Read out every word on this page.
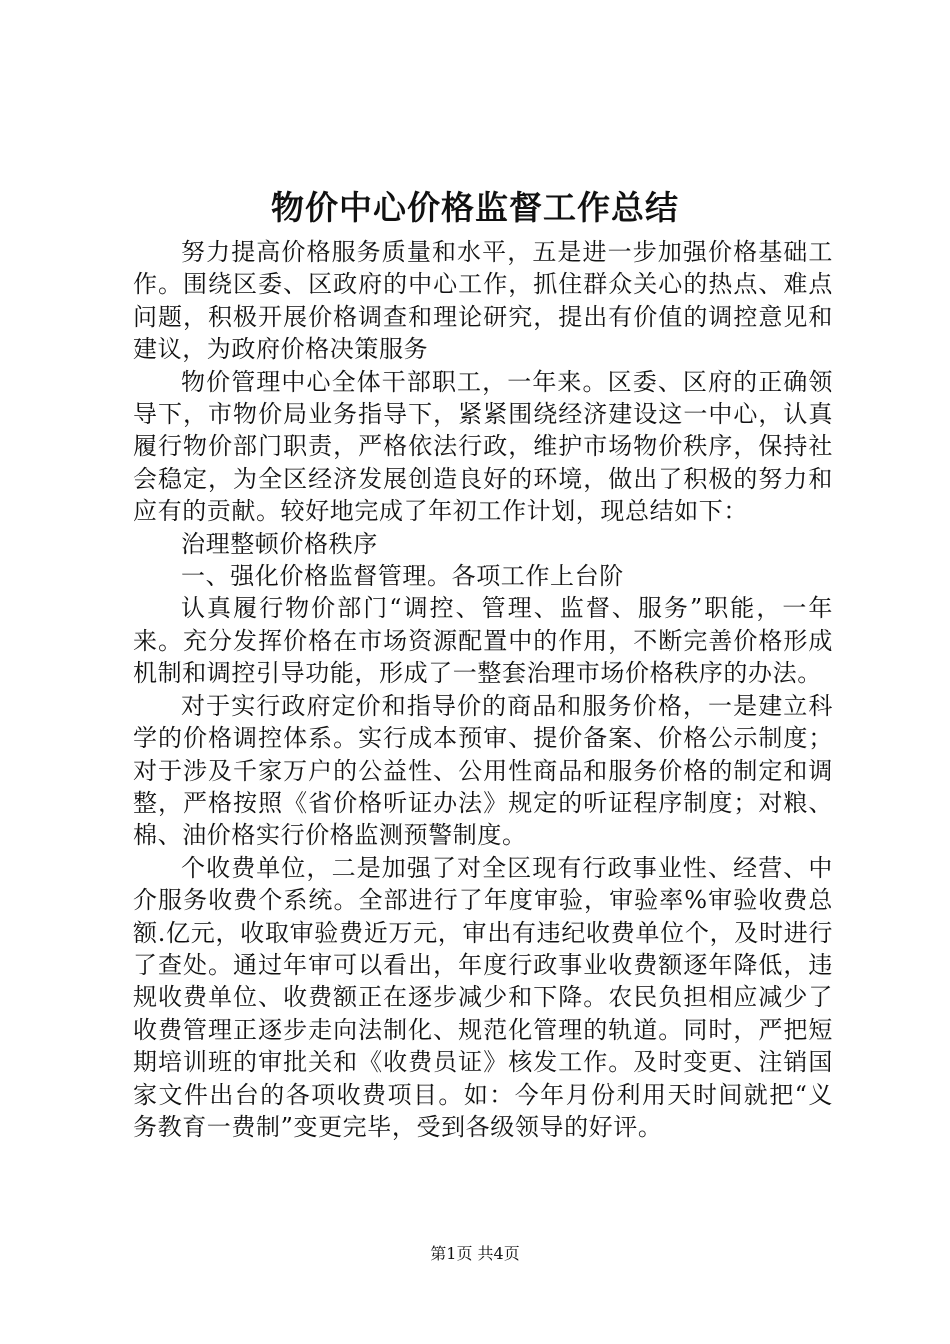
物价中心价格监督工作总结

努力提高价格服务质量和水平，五是进一步加强价格基础工作。围绕区委、区政府的中心工作，抓住群众关心的热点、难点问题，积极开展价格调查和理论研究，提出有价值的调控意见和建议，为政府价格决策服务

物价管理中心全体干部职工，一年来。区委、区府的正确领导下，市物价局业务指导下，紧紧围绕经济建设这一中心，认真履行物价部门职责，严格依法行政，维护市场物价秩序，保持社会稳定，为全区经济发展创造良好的环境，做出了积极的努力和应有的贡献。较好地完成了年初工作计划，现总结如下：

治理整顿价格秩序

一、强化价格监督管理。各项工作上台阶

认真履行物价部门“调控、管理、监督、服务”职能，一年来。充分发挥价格在市场资源配置中的作用，不断完善价格形成机制和调控引导功能，形成了一整套治理市场价格秩序的办法。

对于实行政府定价和指导价的商品和服务价格，一是建立科学的价格调控体系。实行成本预审、提价备案、价格公示制度；对于涉及千家万户的公益性、公用性商品和服务价格的制定和调整，严格按照《省价格听证办法》规定的听证程序制度；对粮、棉、油价格实行价格监测预警制度。

个收费单位，二是加强了对全区现有行政事业性、经营、中介服务收费个系统。全部进行了年度审验，审验率%审验收费总额.亿元，收取审验费近万元，审出有违纪收费单位个，及时进行了查处。通过年审可以看出，年度行政事业收费额逐年降低，违规收费单位、收费额正在逐步减少和下降。农民负担相应减少了收费管理正逐步走向法制化、规范化管理的轨道。同时，严把短期培训班的审批关和《收费员证》核发工作。及时变更、注销国家文件出台的各项收费项目。如：今年月份利用天时间就把“义务教育一费制”变更完毕，受到各级领导的好评。

第1页 共4页
